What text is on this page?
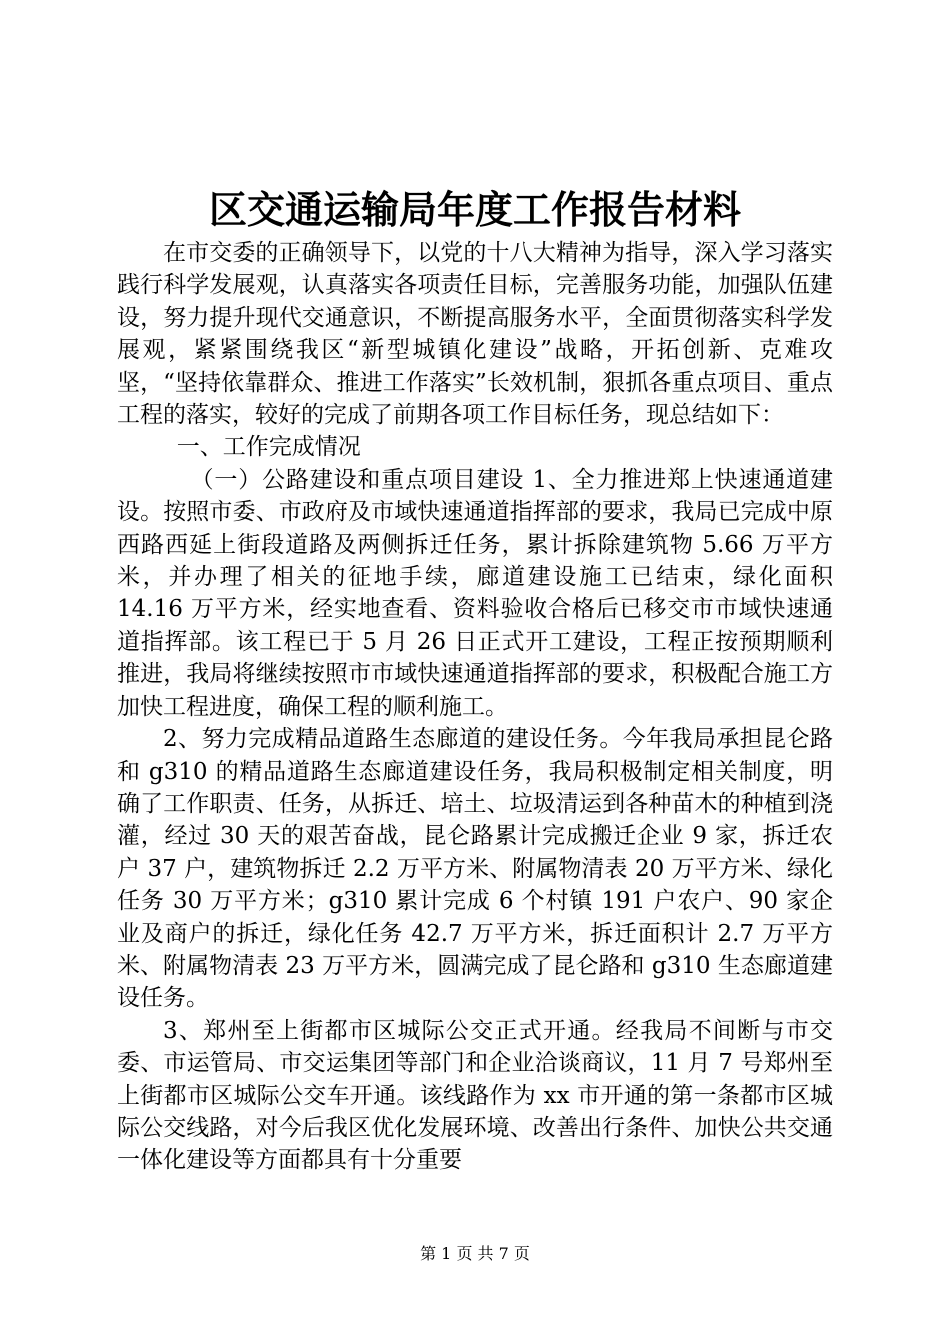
区交通运输局年度工作报告材料

在市交委的正确领导下，以党的十八大精神为指导，深入学习落实践行科学发展观，认真落实各项责任目标，完善服务功能，加强队伍建设，努力提升现代交通意识，不断提高服务水平，全面贯彻落实科学发展观，紧紧围绕我区“新型城镇化建设”战略，开拓创新、克难攻坚，“坚持依靠群众、推进工作落实”长效机制，狠抓各重点项目、重点工程的落实，较好的完成了前期各项工作目标任务，现总结如下：

一、工作完成情况

（一）公路建设和重点项目建设 1、全力推进郑上快速通道建设。按照市委、市政府及市域快速通道指挥部的要求，我局已完成中原西路西延上街段道路及两侧拆迁任务，累计拆除建筑物 5.66 万平方米，并办理了相关的征地手续，廊道建设施工已结束，绿化面积 14.16 万平方米，经实地查看、资料验收合格后已移交市市域快速通道指挥部。该工程已于 5 月 26 日正式开工建设，工程正按预期顺利推进，我局将继续按照市市域快速通道指挥部的要求，积极配合施工方加快工程进度，确保工程的顺利施工。

2、努力完成精品道路生态廊道的建设任务。今年我局承担昆仑路和 g310 的精品道路生态廊道建设任务，我局积极制定相关制度，明确了工作职责、任务，从拆迁、培土、垃圾清运到各种苗木的种植到浇灌，经过 30 天的艰苦奋战，昆仑路累计完成搬迁企业 9 家，拆迁农户 37 户，建筑物拆迁 2.2 万平方米、附属物清表 20 万平方米、绿化任务 30 万平方米；g310 累计完成 6 个村镇 191 户农户、90 家企业及商户的拆迁，绿化任务 42.7 万平方米，拆迁面积计 2.7 万平方米、附属物清表 23 万平方米，圆满完成了昆仑路和 g310 生态廊道建设任务。

3、郑州至上街都市区城际公交正式开通。经我局不间断与市交委、市运管局、市交运集团等部门和企业洽谈商议，11 月 7 号郑州至上街都市区城际公交车开通。该线路作为 xx 市开通的第一条都市区城际公交线路，对今后我区优化发展环境、改善出行条件、加快公共交通一体化建设等方面都具有十分重要

第 1 页 共 7 页
